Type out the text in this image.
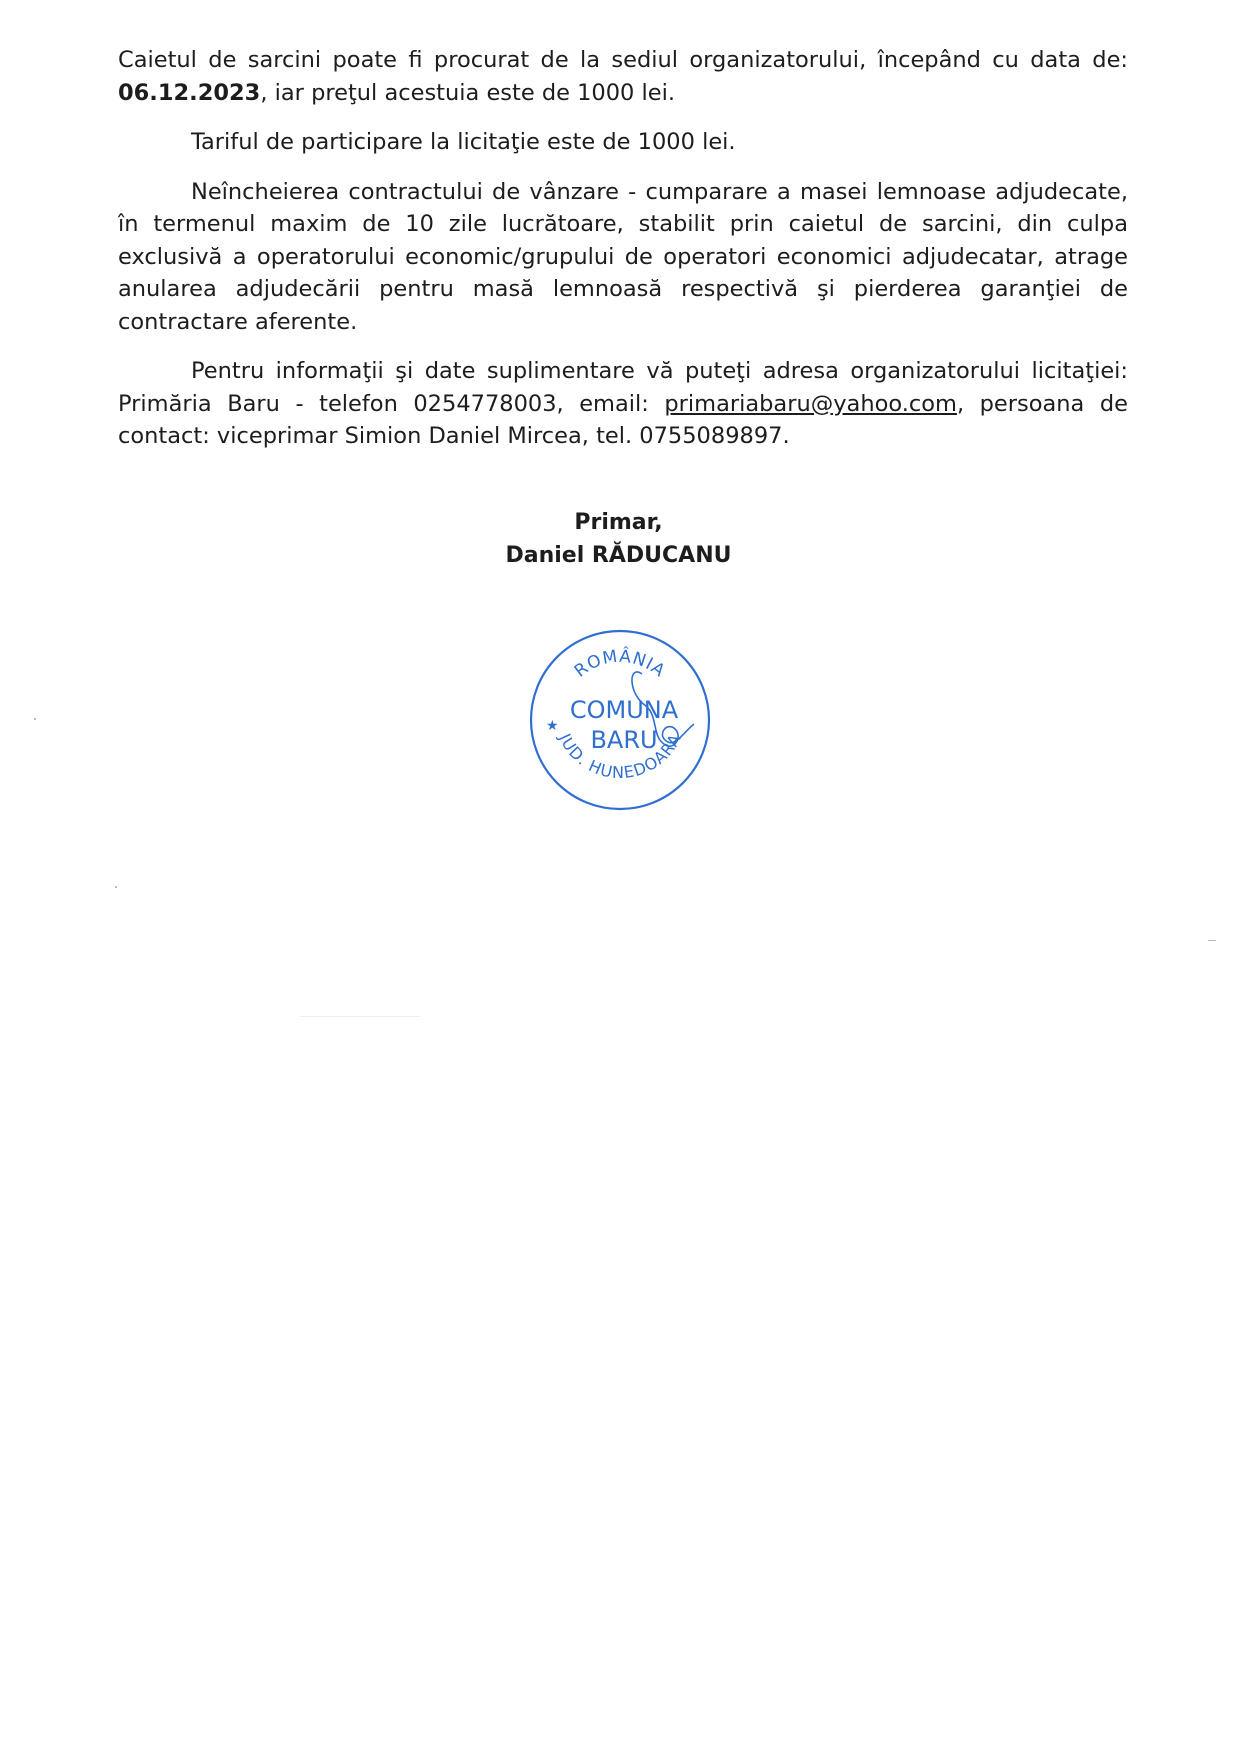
Caietul de sarcini poate fi procurat de la sediul organizatorului, începând cu data de: 06.12.2023, iar preţul acestuia este de 1000 lei.

Tariful de participare la licitaţie este de 1000 lei.

Neîncheierea contractului de vânzare - cumparare a masei lemnoase adjudecate, în termenul maxim de 10 zile lucrătoare, stabilit prin caietul de sarcini, din culpa exclusivă a operatorului economic/grupului de operatori economici adjudecatar, atrage anularea adjudecării pentru masă lemnoasă respectivă şi pierderea garanţiei de contractare aferente.

Pentru informaţii şi date suplimentare vă puteţi adresa organizatorului licitaţiei: Primăria Baru - telefon 0254778003, email: primariabaru@yahoo.com, persoana de contact: viceprimar Simion Daniel Mircea, tel. 0755089897.

Primar,
Daniel RĂDUCANU
ROMÂNIA
JUD. HUNEDOARA
COMUNA
BARU
★
